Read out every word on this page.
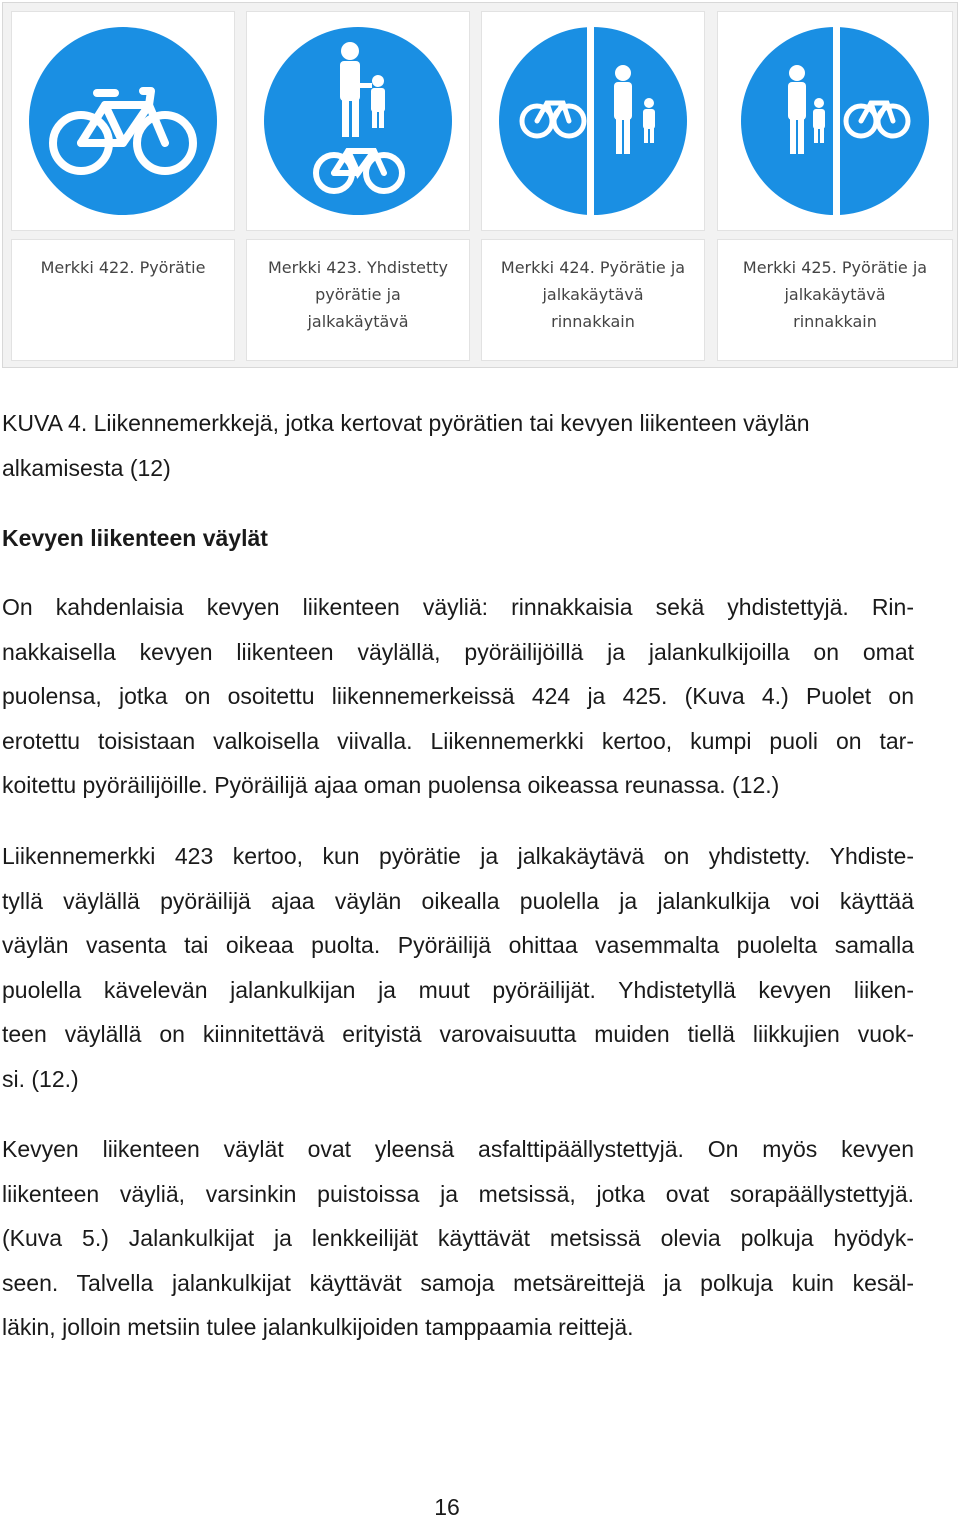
Merkki 422. Pyörätie	Merkki 423. Yhdistetty
pyörätie ja
jalkakäytävä
Merkki 424. Pyörätie ja
jalkakäytävä
rinnakkain
Merkki 425. Pyörätie ja
jalkakäytävä
rinnakkain
KUVA 4. Liikennemerkkejä, jotka kertovat pyörätien tai kevyen liikenteen väylän
alkamisesta (12)
Kevyen liikenteen väylät
On kahdenlaisia kevyen liikenteen väyliä: rinnakkaisia sekä yhdistettyjä. Rin-
nakkaisella kevyen liikenteen väylällä, pyöräilijöillä ja jalankulkijoilla on omat
puolensa, jotka on osoitettu liikennemerkeissä 424 ja 425. (Kuva 4.) Puolet on
erotettu toisistaan valkoisella viivalla. Liikennemerkki kertoo, kumpi puoli on tar-
koitettu pyöräilijöille. Pyöräilijä ajaa oman puolensa oikeassa reunassa. (12.)
Liikennemerkki 423 kertoo, kun pyörätie ja jalkakäytävä on yhdistetty. Yhdiste-
tyllä väylällä pyöräilijä ajaa väylän oikealla puolella ja jalankulkija voi käyttää
väylän vasenta tai oikeaa puolta. Pyöräilijä ohittaa vasemmalta puolelta samalla
puolella kävelevän jalankulkijan ja muut pyöräilijät. Yhdistetyllä kevyen liiken-
teen väylällä on kiinnitettävä erityistä varovaisuutta muiden tiellä liikkujien vuok-
si. (12.)
Kevyen liikenteen väylät ovat yleensä asfalttipäällystettyjä. On myös kevyen
liikenteen väyliä, varsinkin puistoissa ja metsissä, jotka ovat sorapäällystettyjä.
(Kuva 5.) Jalankulkijat ja lenkkeilijät käyttävät metsissä olevia polkuja hyödyk-
seen. Talvella jalankulkijat käyttävät samoja metsäreittejä ja polkuja kuin kesäl-
läkin, jolloin metsiin tulee jalankulkijoiden tamppaamia reittejä.
16
